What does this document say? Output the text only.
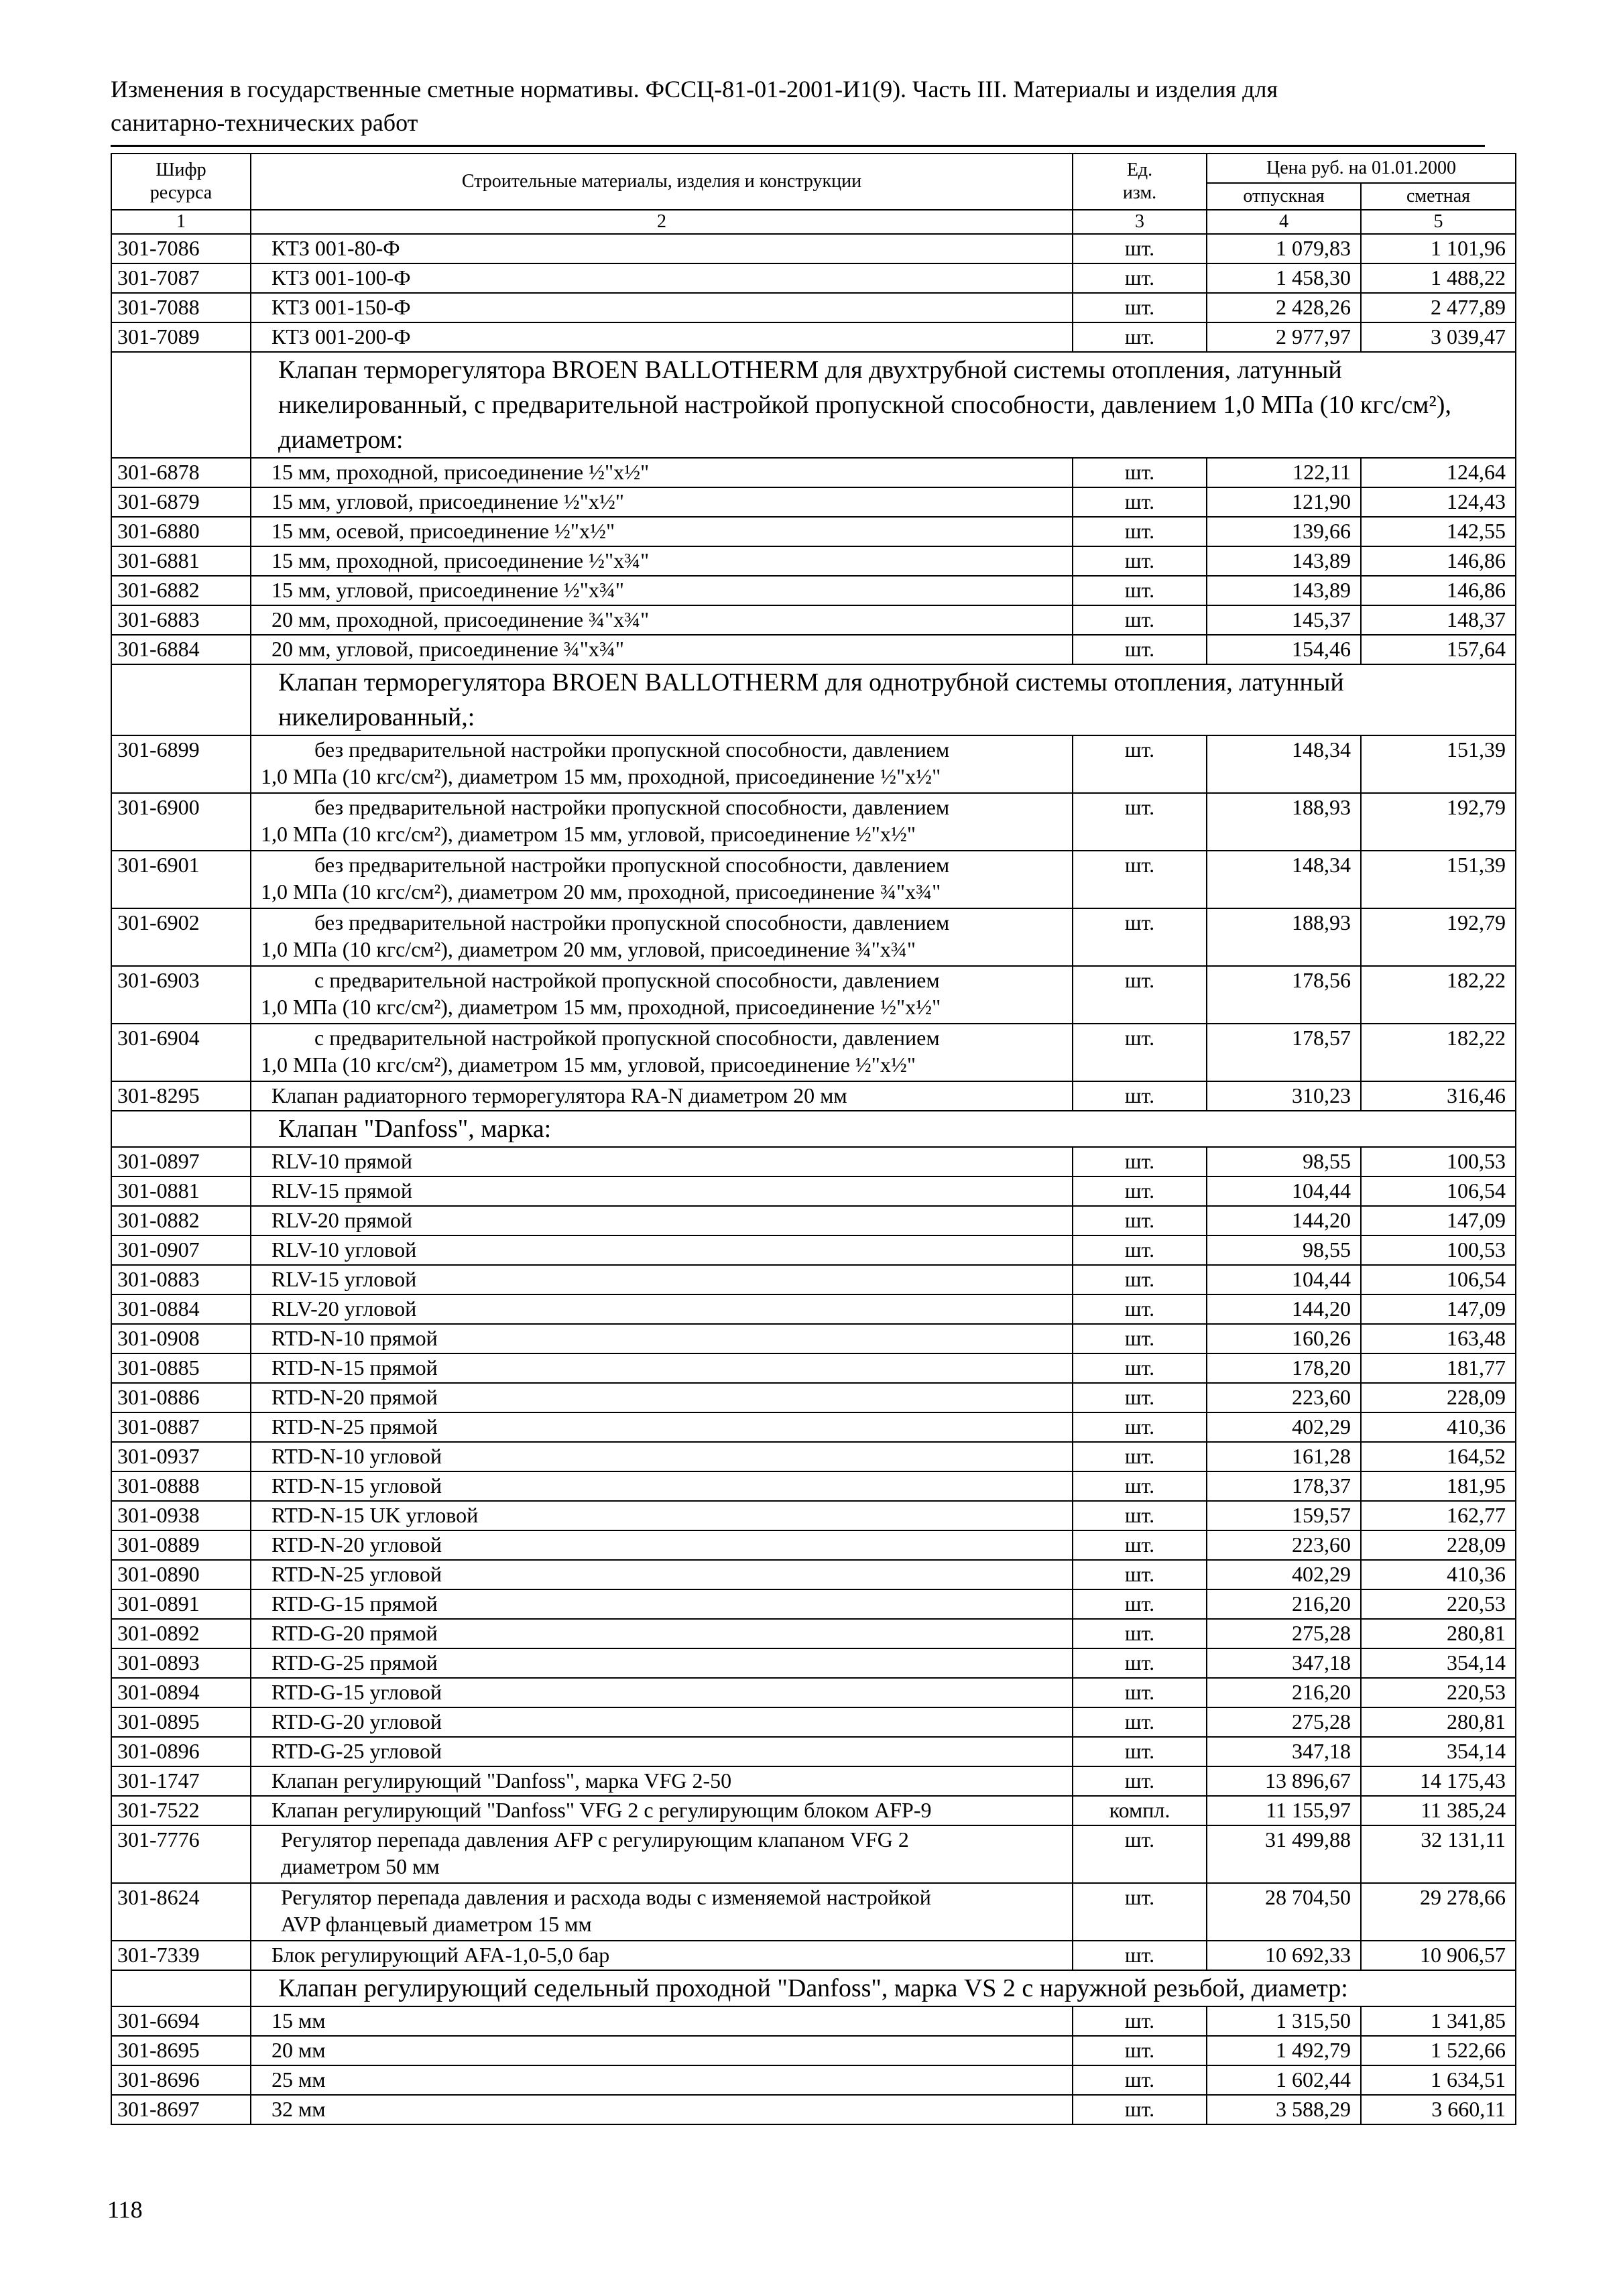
Изменения в государственные сметные нормативы. ФССЦ-81-01-2001-И1(9). Часть III. Материалы и изделия для
санитарно-технических работ
Шифр
ресурса	Строительные материалы, изделия и конструкции	Ед.
изм.	Цена руб. на 01.01.2000	
			отпускная	сметная
1	2	3	4	5
301-7086	КТЗ 001-80-Ф	шт.	1 079,83	1 101,96
301-7087	КТЗ 001-100-Ф	шт.	1 458,30	1 488,22
301-7088	КТЗ 001-150-Ф	шт.	2 428,26	2 477,89
301-7089	КТЗ 001-200-Ф	шт.	2 977,97	3 039,47
	Клапан терморегулятора BROEN BALLOTHERM для двухтрубной системы отопления, латунный никелированный, с предварительной настройкой пропускной способности, давлением 1,0 МПа (10 кгс/см²), диаметром:			
301-6878	15 мм, проходной, присоединение ½"х½"	шт.	122,11	124,64
301-6879	15 мм, угловой, присоединение ½"х½"	шт.	121,90	124,43
301-6880	15 мм, осевой, присоединение ½"х½"	шт.	139,66	142,55
301-6881	15 мм, проходной, присоединение ½"х¾"	шт.	143,89	146,86
301-6882	15 мм, угловой, присоединение ½"х¾"	шт.	143,89	146,86
301-6883	20 мм, проходной, присоединение ¾"х¾"	шт.	145,37	148,37
301-6884	20 мм, угловой, присоединение ¾"х¾"	шт.	154,46	157,64
	Клапан терморегулятора BROEN BALLOTHERM для однотрубной системы отопления, латунный никелированный,:			
301-6899	без предварительной настройки пропускной способности, давлением
1,0 МПа (10 кгс/см²), диаметром 15 мм, проходной, присоединение ½"х½"	шт.	148,34	151,39
301-6900	без предварительной настройки пропускной способности, давлением
1,0 МПа (10 кгс/см²), диаметром 15 мм, угловой, присоединение ½"х½"	шт.	188,93	192,79
301-6901	без предварительной настройки пропускной способности, давлением
1,0 МПа (10 кгс/см²), диаметром 20 мм, проходной, присоединение ¾"х¾"	шт.	148,34	151,39
301-6902	без предварительной настройки пропускной способности, давлением
1,0 МПа (10 кгс/см²), диаметром 20 мм, угловой, присоединение ¾"х¾"	шт.	188,93	192,79
301-6903	с предварительной настройкой пропускной способности, давлением
1,0 МПа (10 кгс/см²), диаметром 15 мм, проходной, присоединение ½"х½"	шт.	178,56	182,22
301-6904	с предварительной настройкой пропускной способности, давлением
1,0 МПа (10 кгс/см²), диаметром 15 мм, угловой, присоединение ½"х½"	шт.	178,57	182,22
301-8295	Клапан радиаторного терморегулятора RA-N диаметром 20 мм	шт.	310,23	316,46
	Клапан "Danfoss", марка:			
301-0897	RLV-10 прямой	шт.	98,55	100,53
301-0881	RLV-15 прямой	шт.	104,44	106,54
301-0882	RLV-20 прямой	шт.	144,20	147,09
301-0907	RLV-10 угловой	шт.	98,55	100,53
301-0883	RLV-15 угловой	шт.	104,44	106,54
301-0884	RLV-20 угловой	шт.	144,20	147,09
301-0908	RTD-N-10 прямой	шт.	160,26	163,48
301-0885	RTD-N-15 прямой	шт.	178,20	181,77
301-0886	RTD-N-20 прямой	шт.	223,60	228,09
301-0887	RTD-N-25 прямой	шт.	402,29	410,36
301-0937	RTD-N-10 угловой	шт.	161,28	164,52
301-0888	RTD-N-15 угловой	шт.	178,37	181,95
301-0938	RTD-N-15 UK угловой	шт.	159,57	162,77
301-0889	RTD-N-20 угловой	шт.	223,60	228,09
301-0890	RTD-N-25 угловой	шт.	402,29	410,36
301-0891	RTD-G-15 прямой	шт.	216,20	220,53
301-0892	RTD-G-20 прямой	шт.	275,28	280,81
301-0893	RTD-G-25 прямой	шт.	347,18	354,14
301-0894	RTD-G-15 угловой	шт.	216,20	220,53
301-0895	RTD-G-20 угловой	шт.	275,28	280,81
301-0896	RTD-G-25 угловой	шт.	347,18	354,14
301-1747	Клапан регулирующий "Danfoss", марка VFG 2-50	шт.	13 896,67	14 175,43
301-7522	Клапан регулирующий "Danfoss" VFG 2 с регулирующим блоком AFP-9	компл.	11 155,97	11 385,24
301-7776	Регулятор перепада давления AFP с регулирующим клапаном VFG 2
диаметром 50 мм	шт.	31 499,88	32 131,11
301-8624	Регулятор перепада давления и расхода воды с изменяемой настройкой
AVP фланцевый диаметром 15 мм	шт.	28 704,50	29 278,66
301-7339	Блок регулирующий AFA-1,0-5,0 бар	шт.	10 692,33	10 906,57
	Клапан регулирующий седельный проходной "Danfoss", марка VS 2 с наружной резьбой, диаметр:			
301-6694	15 мм	шт.	1 315,50	1 341,85
301-8695	20 мм	шт.	1 492,79	1 522,66
301-8696	25 мм	шт.	1 602,44	1 634,51
301-8697	32 мм	шт.	3 588,29	3 660,11
118
